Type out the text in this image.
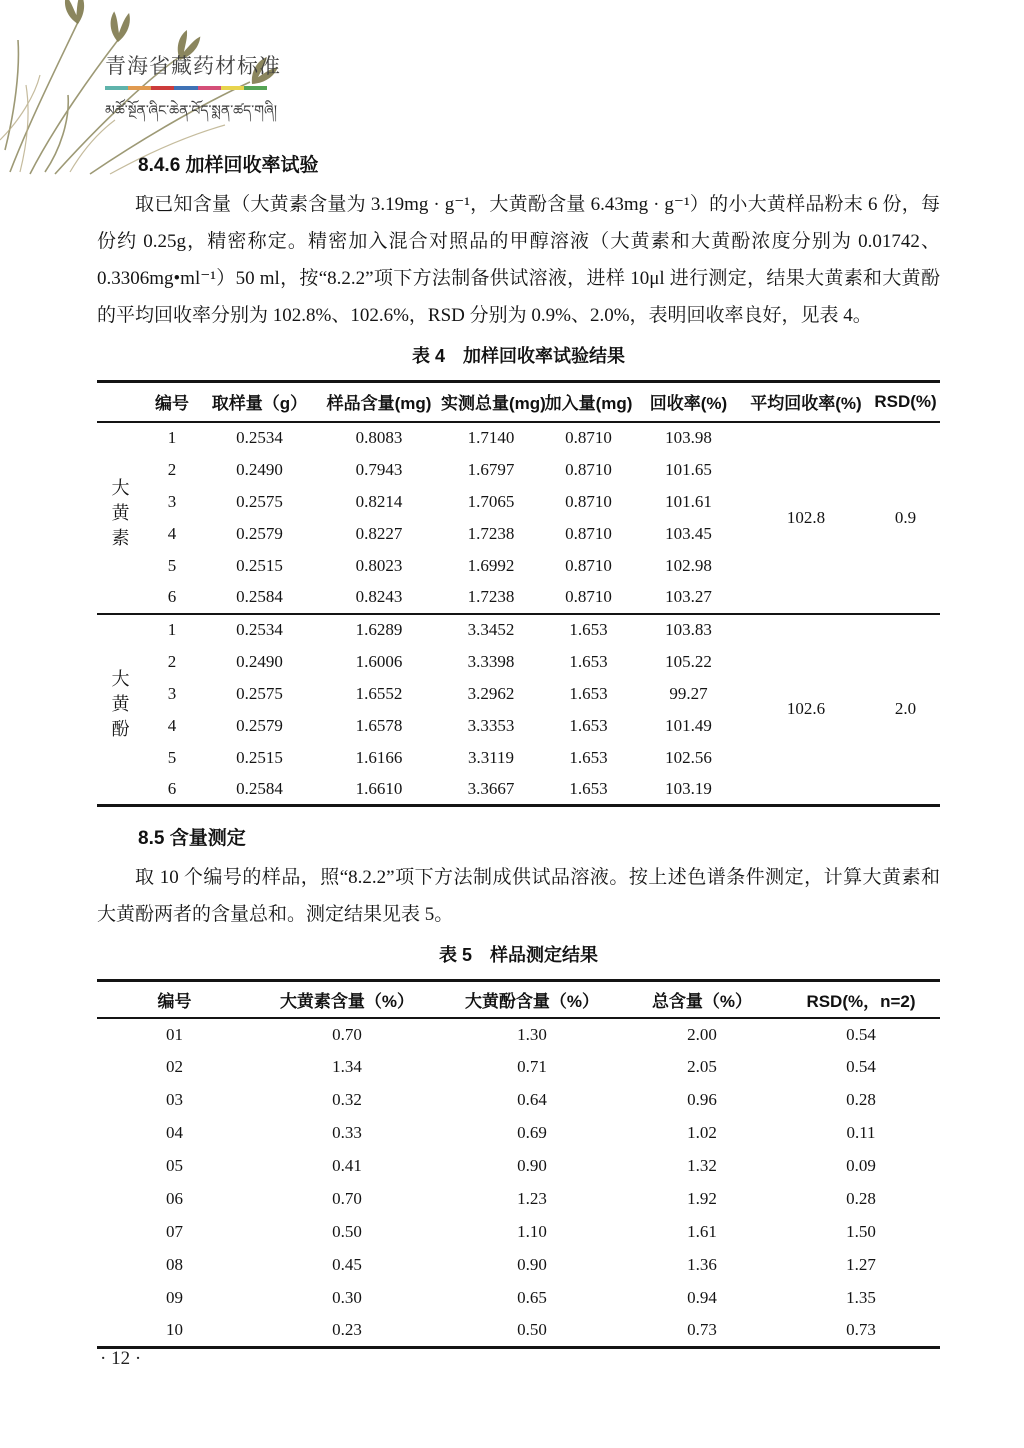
青海省藏药材标准
མཚོ་སྔོན་ཞིང་ཆེན་བོད་སྨན་ཚད་གཞི།
8.4.6 加样回收率试验

取已知含量（大黄素含量为 3.19mg · g⁻¹，大黄酚含量 6.43mg · g⁻¹）的小大黄样品粉末 6 份，每份约 0.25g，精密称定。精密加入混合对照品的甲醇溶液（大黄素和大黄酚浓度分别为 0.01742、0.3306mg•ml⁻¹）50 ml，按“8.2.2”项下方法制备供试溶液，进样 10μl 进行测定，结果大黄素和大黄酚的平均回收率分别为 102.8%、102.6%，RSD 分别为 0.9%、2.0%，表明回收率良好，见表 4。

表 4　加样回收率试验结果
	编号	取样量（g）	样品含量(mg)	实测总量(mg)	加入量(mg)	回收率(%)	平均回收率(%)	RSD(%)
大黄素	1	0.2534	0.8083	1.7140	0.8710	103.98	102.8	0.9
	2	0.2490	0.7943	1.6797	0.8710	101.65		
	3	0.2575	0.8214	1.7065	0.8710	101.61		
	4	0.2579	0.8227	1.7238	0.8710	103.45		
	5	0.2515	0.8023	1.6992	0.8710	102.98		
	6	0.2584	0.8243	1.7238	0.8710	103.27		
大黄酚	1	0.2534	1.6289	3.3452	1.653	103.83	102.6	2.0
	2	0.2490	1.6006	3.3398	1.653	105.22		
	3	0.2575	1.6552	3.2962	1.653	99.27		
	4	0.2579	1.6578	3.3353	1.653	101.49		
	5	0.2515	1.6166	3.3119	1.653	102.56		
	6	0.2584	1.6610	3.3667	1.653	103.19		
8.5 含量测定

取 10 个编号的样品，照“8.2.2”项下方法制成供试品溶液。按上述色谱条件测定，计算大黄素和大黄酚两者的含量总和。测定结果见表 5。

表 5　样品测定结果
编号	大黄素含量（%）	大黄酚含量（%）	总含量（%）	RSD(%，n=2)
01	0.70	1.30	2.00	0.54
02	1.34	0.71	2.05	0.54
03	0.32	0.64	0.96	0.28
04	0.33	0.69	1.02	0.11
05	0.41	0.90	1.32	0.09
06	0.70	1.23	1.92	0.28
07	0.50	1.10	1.61	1.50
08	0.45	0.90	1.36	1.27
09	0.30	0.65	0.94	1.35
10	0.23	0.50	0.73	0.73
· 12 ·
